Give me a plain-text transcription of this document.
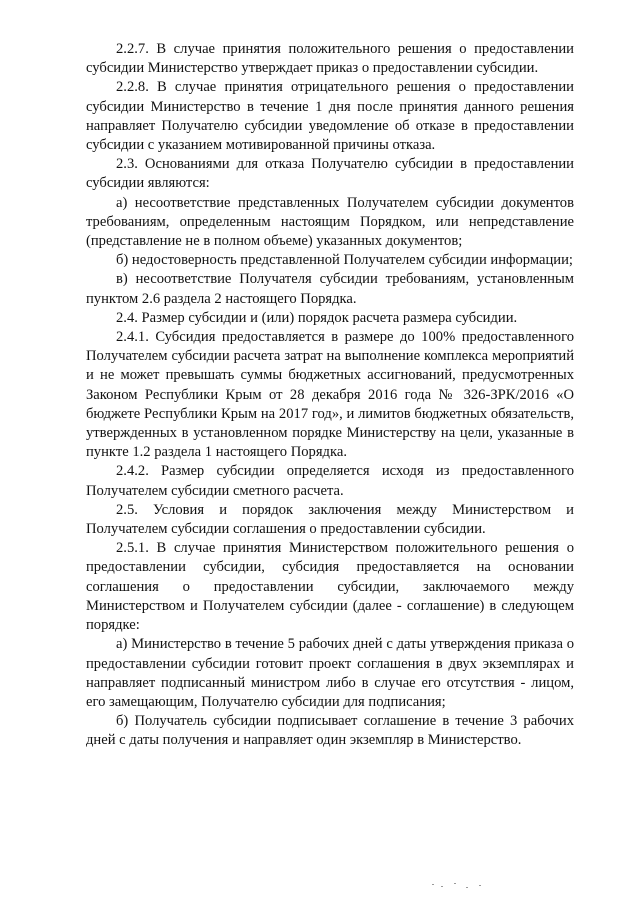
2.2.7. В случае принятия положительного решения о предоставлении субсидии Министерство утверждает приказ о предоставлении субсидии.

2.2.8. В случае принятия отрицательного решения о предоставлении субсидии Министерство в течение 1 дня после принятия данного решения направляет Получателю субсидии уведомление об отказе в предоставлении субсидии с указанием мотивированной причины отказа.

2.3. Основаниями для отказа Получателю субсидии в предоставлении субсидии являются:

а) несоответствие представленных Получателем субсидии документов требованиям, определенным настоящим Порядком, или непредставление (представление не в полном объеме) указанных документов;

б) недостоверность представленной Получателем субсидии информации;

в) несоответствие Получателя субсидии требованиям, установленным пунктом 2.6 раздела 2 настоящего Порядка.

2.4. Размер субсидии и (или) порядок расчета размера субсидии.

2.4.1. Субсидия предоставляется в размере до 100% предоставленного Получателем субсидии расчета затрат на выполнение комплекса мероприятий и не может превышать суммы бюджетных ассигнований, предусмотренных Законом Республики Крым от 28 декабря 2016 года № 326-ЗРК/2016 «О бюджете Республики Крым на 2017 год», и лимитов бюджетных обязательств, утвержденных в установленном порядке Министерству на цели, указанные в пункте 1.2 раздела 1 настоящего Порядка.

2.4.2. Размер субсидии определяется исходя из предоставленного Получателем субсидии сметного расчета.

2.5. Условия и порядок заключения между Министерством и Получателем субсидии соглашения о предоставлении субсидии.

2.5.1. В случае принятия Министерством положительного решения о предоставлении субсидии, субсидия предоставляется на основании соглашения о предоставлении субсидии, заключаемого между Министерством и Получателем субсидии (далее - соглашение) в следующем порядке:

а) Министерство в течение 5 рабочих дней с даты утверждения приказа о предоставлении субсидии готовит проект соглашения в двух экземплярах и направляет подписанный министром либо в случае его отсутствия - лицом, его замещающим, Получателю субсидии для подписания;

б) Получатель субсидии подписывает соглашение в течение 3 рабочих дней с даты получения и направляет один экземпляр в Министерство.
